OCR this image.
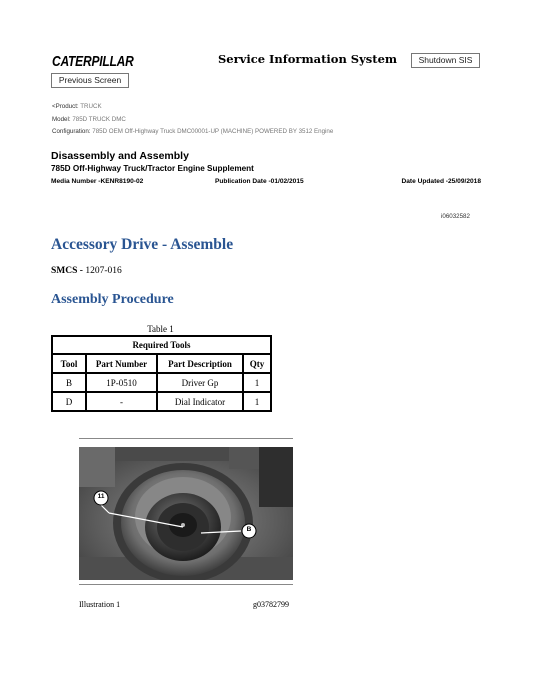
CATERPILLAR	Service Information System	Shutdown SIS
Previous Screen
<Product: TRUCK
Model: 785D TRUCK DMC
Configuration: 785D OEM Off-Highway Truck DMC00001-UP (MACHINE) POWERED BY 3512 Engine
Disassembly and Assembly
785D Off-Highway Truck/Tractor Engine Supplement
Media Number -KENR8190-02	Publication Date -01/02/2015	Date Updated -25/09/2018
i06032582
Accessory Drive - Assemble
SMCS - 1207-016
Assembly Procedure
Table 1
Required Tools			
Tool	Part Number	Part Description	Qty
B	1P-0510	Driver Gp	1
D	-	Dial Indicator	1
11
B
Illustration 1	g03782799
